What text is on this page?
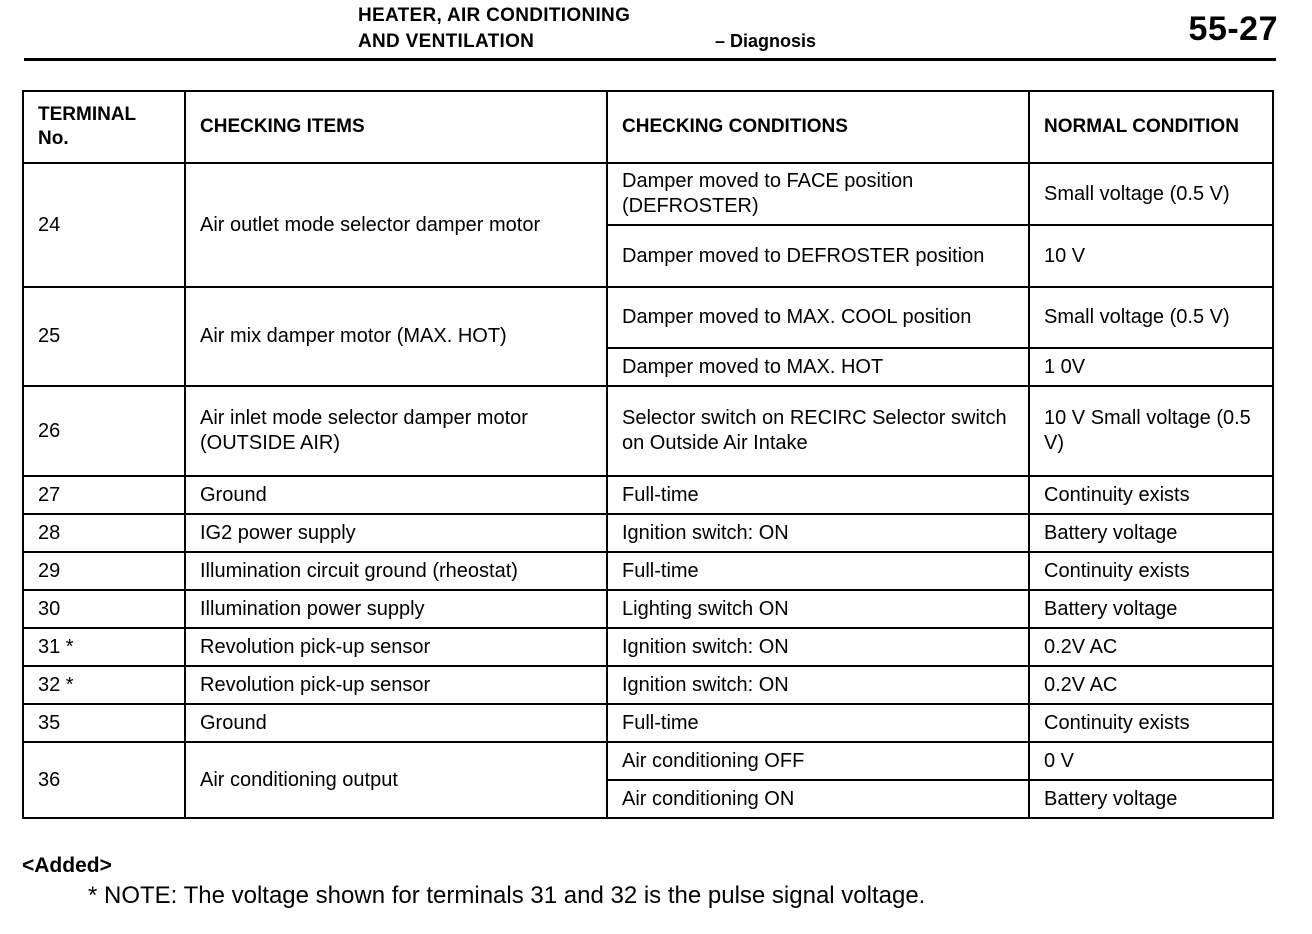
HEATER, AIR CONDITIONING
AND VENTILATION	– Diagnosis	55-27
TERMINAL No.	CHECKING ITEMS	CHECKING CONDITIONS	NORMAL CONDITION
24	Air outlet mode selector damper motor	Damper moved to FACE position (DEFROSTER)	Small voltage (0.5 V)
		Damper moved to DEFROSTER position	10 V
25	Air mix damper motor (MAX. HOT)	Damper moved to MAX. COOL position	Small voltage (0.5 V)
		Damper moved to MAX. HOT	1 0V
26	Air inlet mode selector damper motor (OUTSIDE AIR)	Selector switch on RECIRC Selector switch on Outside Air Intake	10 V Small voltage (0.5 V)
27	Ground	Full-time	Continuity exists
28	IG2 power supply	Ignition switch: ON	Battery voltage
29	Illumination circuit ground (rheostat)	Full-time	Continuity exists
30	Illumination power supply	Lighting switch ON	Battery voltage
31 *	Revolution pick-up sensor	Ignition switch: ON	0.2V AC
32 *	Revolution pick-up sensor	Ignition switch: ON	0.2V AC
35	Ground	Full-time	Continuity exists
36	Air conditioning output	Air conditioning OFF	0 V
		Air conditioning ON	Battery voltage
<Added>
* NOTE: The voltage shown for terminals 31 and 32 is the pulse signal voltage.
